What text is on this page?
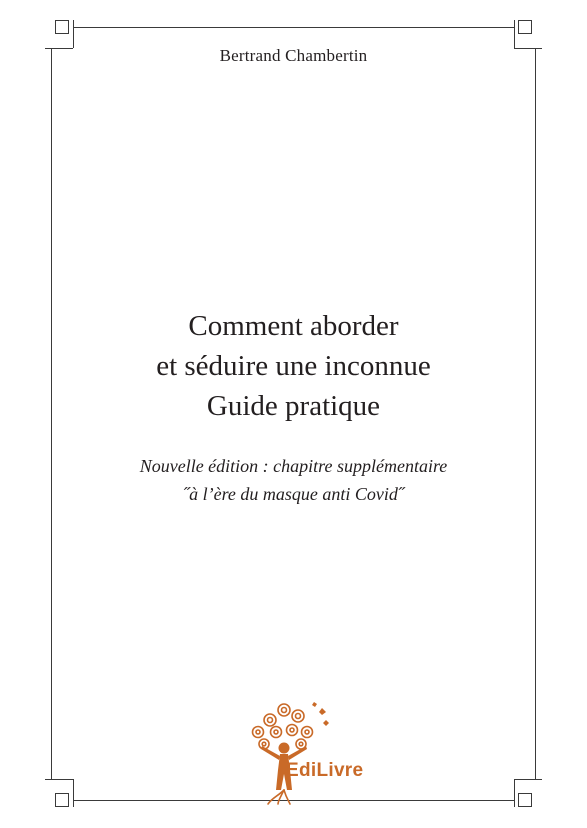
Bertrand Chambertin
Comment aborder
et séduire une inconnue
Guide pratique
Nouvelle édition : chapitre supplémentaire
˝à l’ère du masque anti Covid˝
EdiLivre
